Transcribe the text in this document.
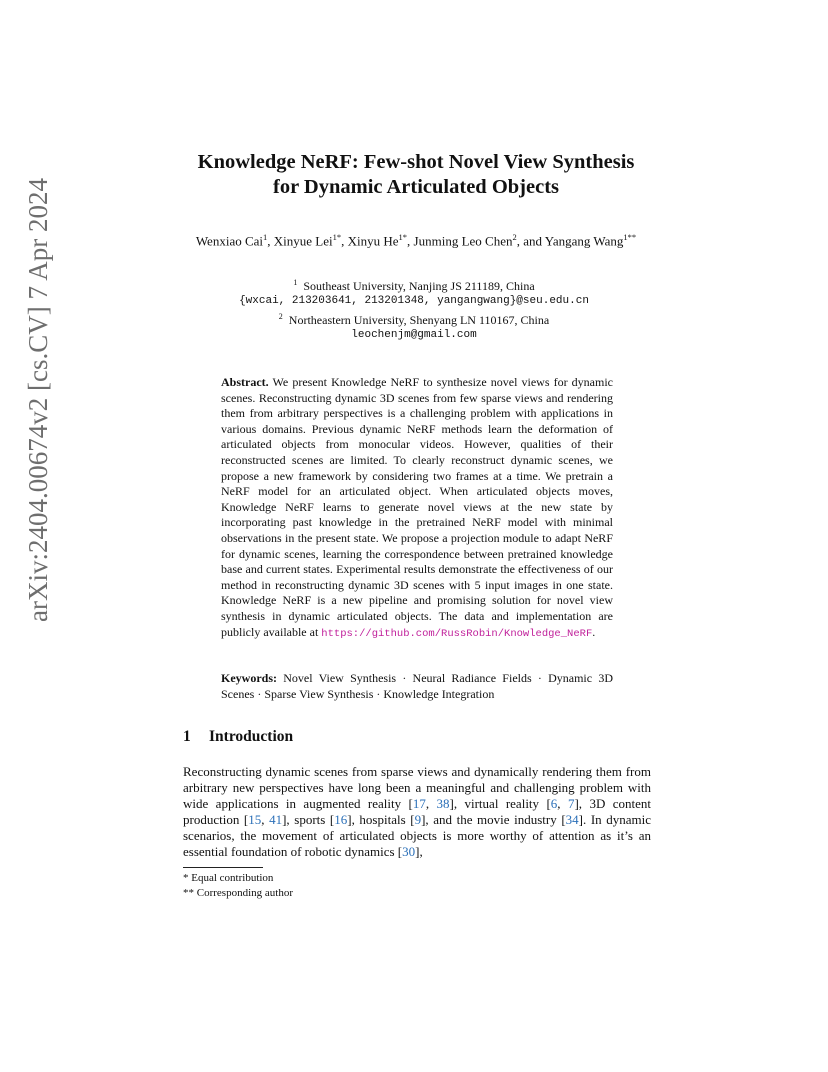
arXiv:2404.00674v2 [cs.CV] 7 Apr 2024
Knowledge NeRF: Few-shot Novel View Synthesis
for Dynamic Articulated Objects
Wenxiao Cai$^1$, Xinyue Lei$^{1*}$, Xinyu $He^{1*}$, Junming Leo Chen$^2$, and Yangang Wang$^{1**}$
$^1$ Southeast University, Nanjing JS 211189, China
{wxcai, 213203641, 213201348, yangangwang}@seu.edu.cn
$^2$ Northeastern University, Shenyang LN 110167, China
leochenjm@gmail.com
Abstract. We present Knowledge NeRF to synthesize novel views for dynamic scenes. Reconstructing dynamic 3D scenes from few sparse views and rendering them from arbitrary perspectives is a challenging problem with applications in various domains. Previous dynamic NeRF methods learn the deformation of articulated objects from monocular videos. However, qualities of their reconstructed scenes are limited. To clearly reconstruct dynamic scenes, we propose a new framework by considering two frames at a time. We pretrain a NeRF model for an articulated object. When articulated objects moves, Knowledge NeRF learns to generate novel views at the new state by incorporating past knowledge in the pretrained NeRF model with minimal observations in the present state. We propose a projection module to adapt NeRF for dynamic scenes, learning the correspondence between pretrained knowledge base and current states. Experimental results demonstrate the effectiveness of our method in reconstructing dynamic 3D scenes with 5 input images in one state. Knowledge NeRF is a new pipeline and promising solution for novel view synthesis in dynamic articulated objects. The data and implementation are publicly available at https://github.com/RussRobin/Knowledge_NeRF.
Keywords: Novel View Synthesis · Neural Radiance Fields · Dynamic 3D Scenes · Sparse View Synthesis · Knowledge Integration
1 Introduction
Reconstructing dynamic scenes from sparse views and dynamically rendering them from arbitrary new perspectives have long been a meaningful and challenging problem with wide applications in augmented reality [17, 38], virtual reality [6, 7], 3D content production [15, 41], sports [16], hospitals [9], and the movie industry [34]. In dynamic scenarios, the movement of articulated objects is more worthy of attention as it’s an essential foundation of robotic dynamics [30],
* Equal contribution
** Corresponding author
